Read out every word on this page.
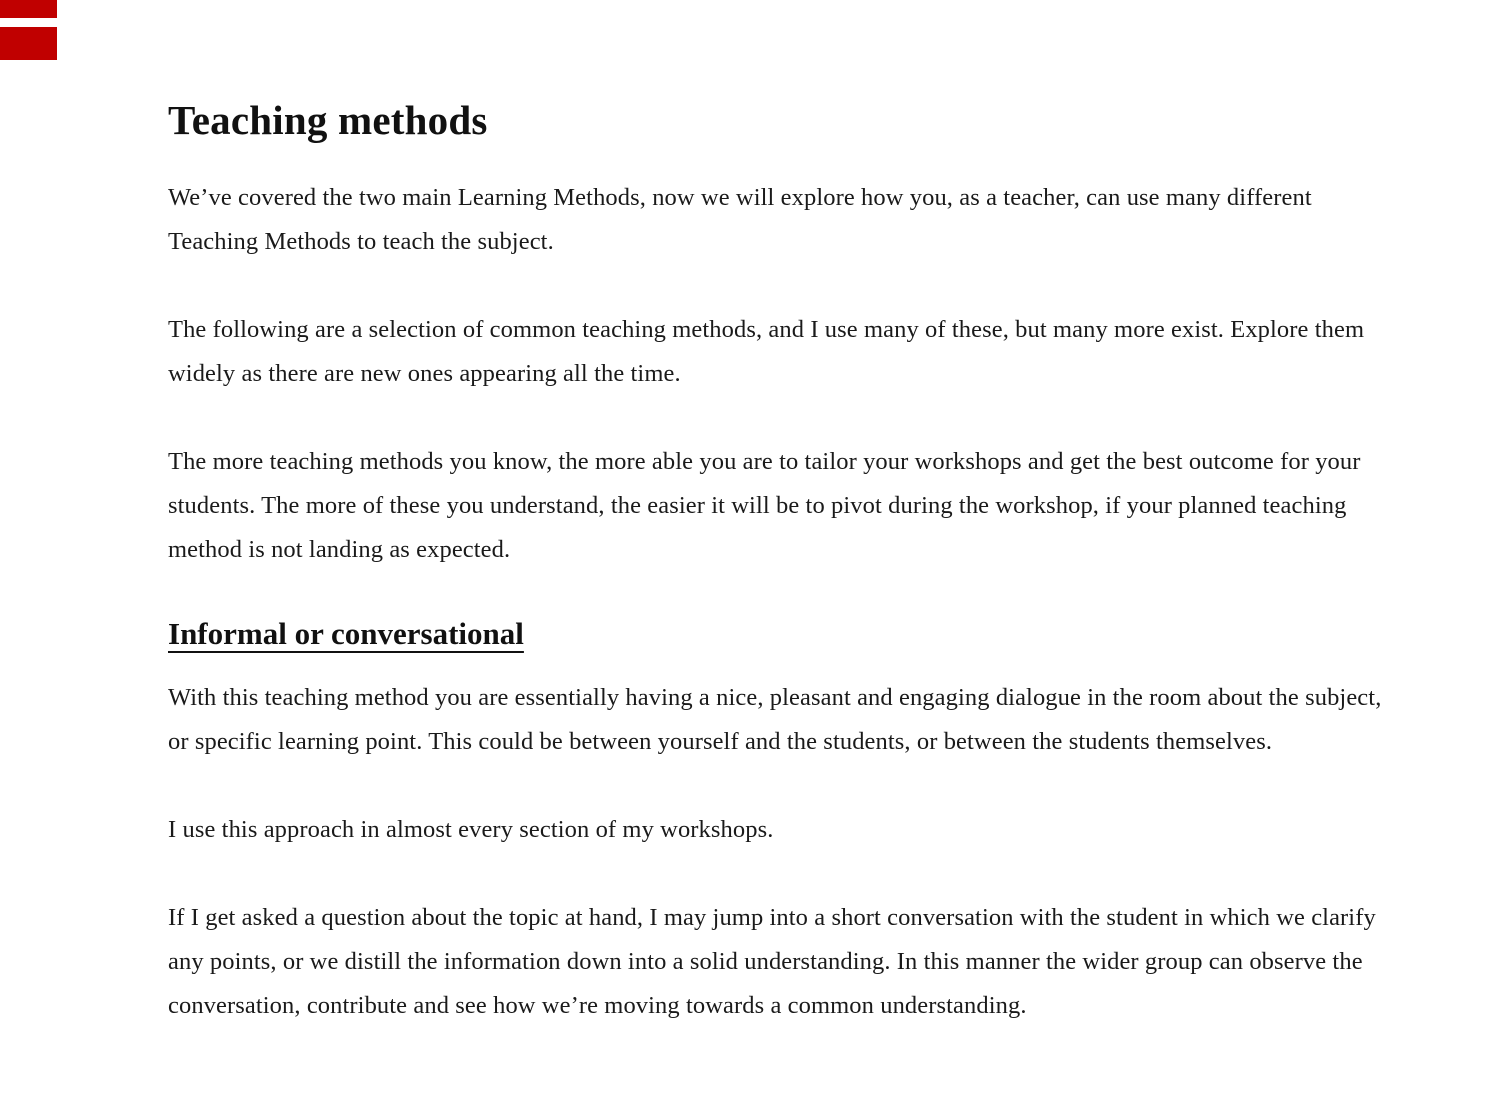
Teaching methods

We’ve covered the two main Learning Methods, now we will explore how you, as a teacher, can use many different Teaching Methods to teach the subject.

The following are a selection of common teaching methods, and I use many of these, but many more exist. Explore them widely as there are new ones appearing all the time.

The more teaching methods you know, the more able you are to tailor your workshops and get the best outcome for your students. The more of these you understand, the easier it will be to pivot during the workshop, if your planned teaching method is not landing as expected.

Informal or conversational

With this teaching method you are essentially having a nice, pleasant and engaging dialogue in the room about the subject, or specific learning point. This could be between yourself and the students, or between the students themselves.

I use this approach in almost every section of my workshops.

If I get asked a question about the topic at hand, I may jump into a short conversation with the student in which we clarify any points, or we distill the information down into a solid understanding. In this manner the wider group can observe the conversation, contribute and see how we’re moving towards a common understanding.
